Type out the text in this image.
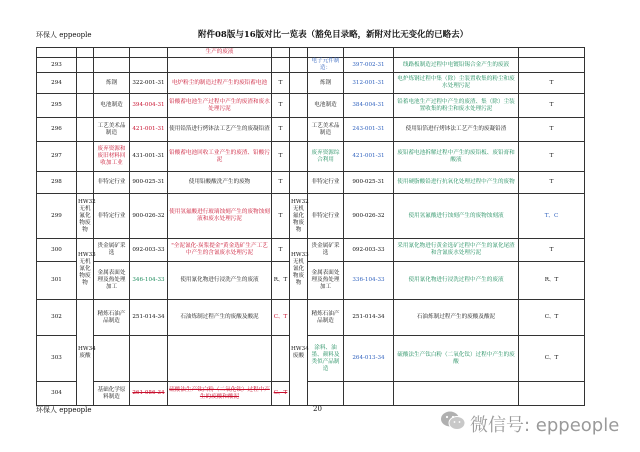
环保人 eppeople	附件08版与16版对比一览表（豁免目录略，新附对比无变化的已略去）
				生产的废液						
293							电子元件制造：	397-002-31	线路板制造过程中电镀铅锡合金产生的废液	
294		炼钢	322-001-31	电炉粉尘的制造过程产生的废铅蓄电池	T		炼钢	312-001-31	电炉炼钢过程中集（除）尘装置收集的粉尘和废水处理污泥	T
295		电池制造	394-004-31	铅酸蓄电池生产过程中产生的废渣和废水处理污泥	T		电池制造	384-004-31	铅蓄电池生产过程中产生的废渣、集（除）尘装置收集的粉尘和废水处理污泥	T
296		工艺美术品制造	421-001-31	使用铅箔进行烤钵法工艺产生的废凝铅渣	T		工艺美术品制造	243-001-31	使用铅箔进行烤钵法工艺产生的废凝铅渣	T
297		废弃资源和废旧材料回收加工业	431-001-31	铅酸蓄电池回收工业产生的废渣、铅酸污泥	T		废弃资源综合利用	421-001-31	废铅蓄电池拆解过程中产生的废铅板、废铅膏和酸液	T
298		非特定行业	900-025-31	使用铅酸酸洗产生的废物	T		非特定行业	900-025-31	使用硬脂酸铅进行抗氧化处理过程中产生的废物	T
299	HW32 无机氟化物废物	非特定行业	900-026-32	使用氢氟酸进行玻璃蚀刻产生的废物蚀刻液和废水处理污泥	T	HW32 无机氟化物废物	非特定行业	900-026-32	使用氢氟酸进行蚀刻产生的废物蚀刻液	T、C
300	HW33 无机氰化物废物	贵金属矿采选	092-003-33	"全泥氰化-炭浆提金"黄金选矿生产工艺中产生的含氰废水处理污泥	T	HW33 无机氰化物废物	贵金属矿采选	092-003-33	采用氰化物进行黄金选矿过程中产生的氰化尾渣和含氰废水处理污泥	T
301		金属表面处理及热处理加工	346-104-33	使用氰化物进行浸洗产生的废液	R、T		金属表面处理及热处理加工	336-104-33	使用氰化物进行浸洗过程中产生的废液	R、T
302	HW34 废酸	精炼石油产品制造	251-014-34	石油炼制过程产生的废酸及酸泥	C、T	HW34 废酸	精炼石油产品制造	251-014-34	石油炼制过程产生的废酸及酸泥	C、T
303							涂料、油墨、颜料及类似产品制造	264-013-34	硫酸法生产钛白粉（二氧化钛）过程中产生的废酸	C、T
304		基础化学原料制造	261-056-34	硫酸法生产钛白粉（二氧化钛）过程中产生的废酸和酸泥	C、T					
环保人 eppeople	20
微信号: eppeople
